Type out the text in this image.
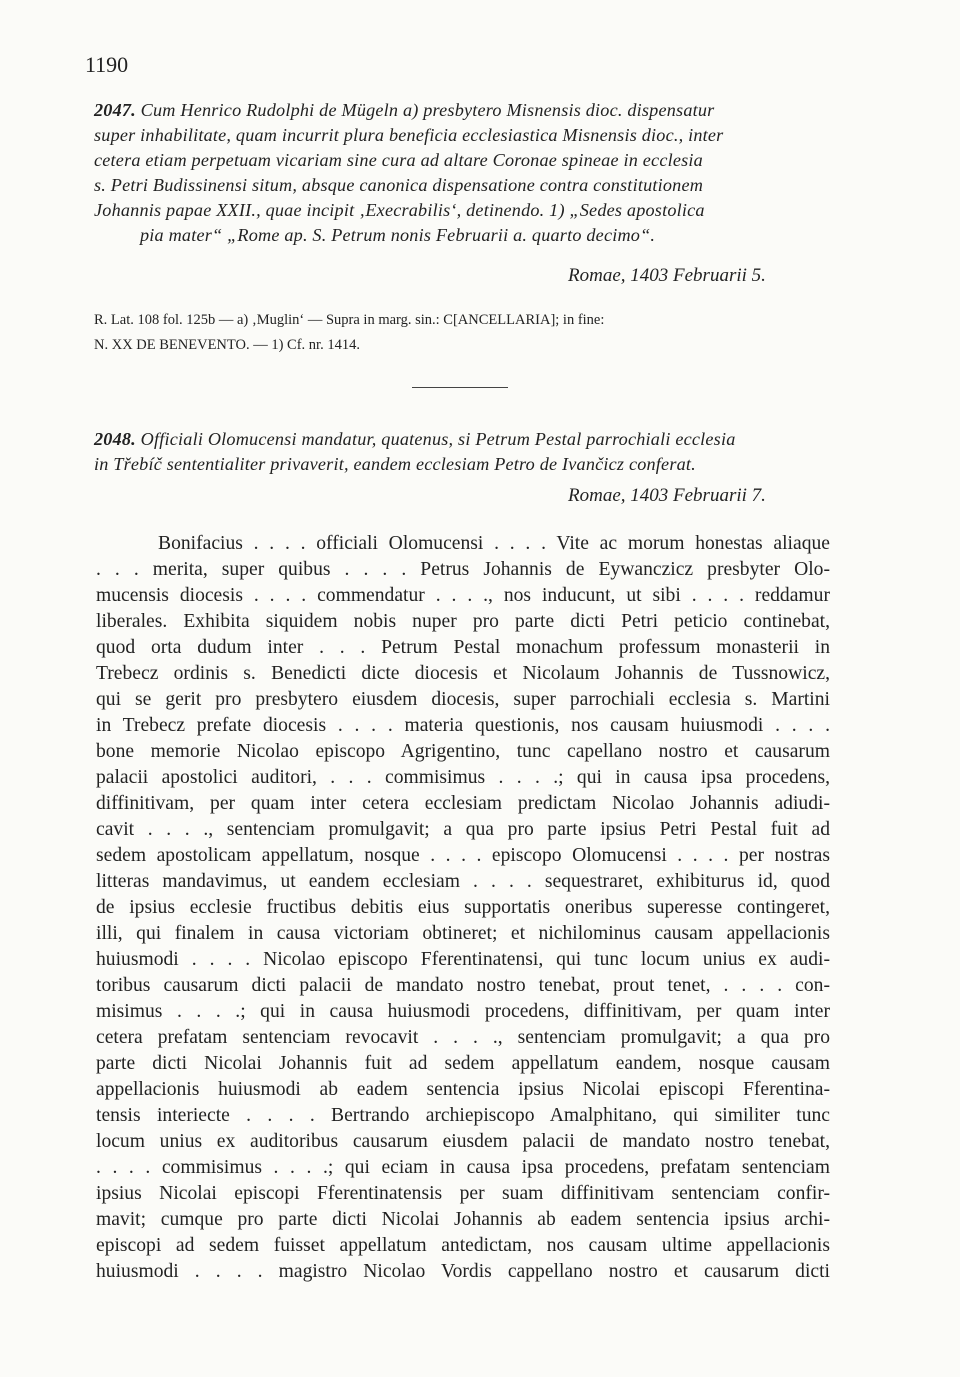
1190
2047. Cum Henrico Rudolphi de Mügeln a) presbytero Misnensis dioc. dispensatur
super inhabilitate, quam incurrit plura beneficia ecclesiastica Misnensis dioc., inter
cetera etiam perpetuam vicariam sine cura ad altare Coronae spineae in ecclesia
s. Petri Budissinensi situm, absque canonica dispensatione contra constitutionem
Johannis papae XXII., quae incipit ‚Execrabilis‘, detinendo. 1) „Sedes apostolica
pia mater“ „Rome ap. S. Petrum nonis Februarii a. quarto decimo“.
Romae, 1403 Februarii 5.
R. Lat. 108 fol. 125b — a) ‚Muglin‘ — Supra in marg. sin.: C[ANCELLARIA]; in fine:
N. XX DE BENEVENTO. — 1) Cf. nr. 1414.
2048. Officiali Olomucensi mandatur, quatenus, si Petrum Pestal parrochiali ecclesia
in Třebíč sententialiter privaverit, eandem ecclesiam Petro de Ivančicz conferat.
Romae, 1403 Februarii 7.
Bonifacius . . . . officiali Olomucensi . . . . Vite ac morum honestas aliaque
. . . merita, super quibus . . . . Petrus Johannis de Eywanczicz presbyter Olo-
mucensis diocesis . . . . commendatur . . . ., nos inducunt, ut sibi . . . . reddamur
liberales. Exhibita siquidem nobis nuper pro parte dicti Petri peticio continebat,
quod orta dudum inter . . . Petrum Pestal monachum professum monasterii in
Trebecz ordinis s. Benedicti dicte diocesis et Nicolaum Johannis de Tussnowicz,
qui se gerit pro presbytero eiusdem diocesis, super parrochiali ecclesia s. Martini
in Trebecz prefate diocesis . . . . materia questionis, nos causam huiusmodi . . . .
bone memorie Nicolao episcopo Agrigentino, tunc capellano nostro et causarum
palacii apostolici auditori, . . . commisimus . . . .; qui in causa ipsa procedens,
diffinitivam, per quam inter cetera ecclesiam predictam Nicolao Johannis adiudi-
cavit . . . ., sentenciam promulgavit; a qua pro parte ipsius Petri Pestal fuit ad
sedem apostolicam appellatum, nosque . . . . episcopo Olomucensi . . . . per nostras
litteras mandavimus, ut eandem ecclesiam . . . . sequestraret, exhibiturus id, quod
de ipsius ecclesie fructibus debitis eius supportatis oneribus superesse contingeret,
illi, qui finalem in causa victoriam obtineret; et nichilominus causam appellacionis
huiusmodi . . . . Nicolao episcopo Fferentinatensi, qui tunc locum unius ex audi-
toribus causarum dicti palacii de mandato nostro tenebat, prout tenet, . . . . con-
misimus . . . .; qui in causa huiusmodi procedens, diffinitivam, per quam inter
cetera prefatam sentenciam revocavit . . . ., sentenciam promulgavit; a qua pro
parte dicti Nicolai Johannis fuit ad sedem appellatum eandem, nosque causam
appellacionis huiusmodi ab eadem sentencia ipsius Nicolai episcopi Fferentina-
tensis interiecte . . . . Bertrando archiepiscopo Amalphitano, qui similiter tunc
locum unius ex auditoribus causarum eiusdem palacii de mandato nostro tenebat,
. . . . commisimus . . . .; qui eciam in causa ipsa procedens, prefatam sentenciam
ipsius Nicolai episcopi Fferentinatensis per suam diffinitivam sentenciam confir-
mavit; cumque pro parte dicti Nicolai Johannis ab eadem sentencia ipsius archi-
episcopi ad sedem fuisset appellatum antedictam, nos causam ultime appellacionis
huiusmodi . . . . magistro Nicolao Vordis cappellano nostro et causarum dicti
